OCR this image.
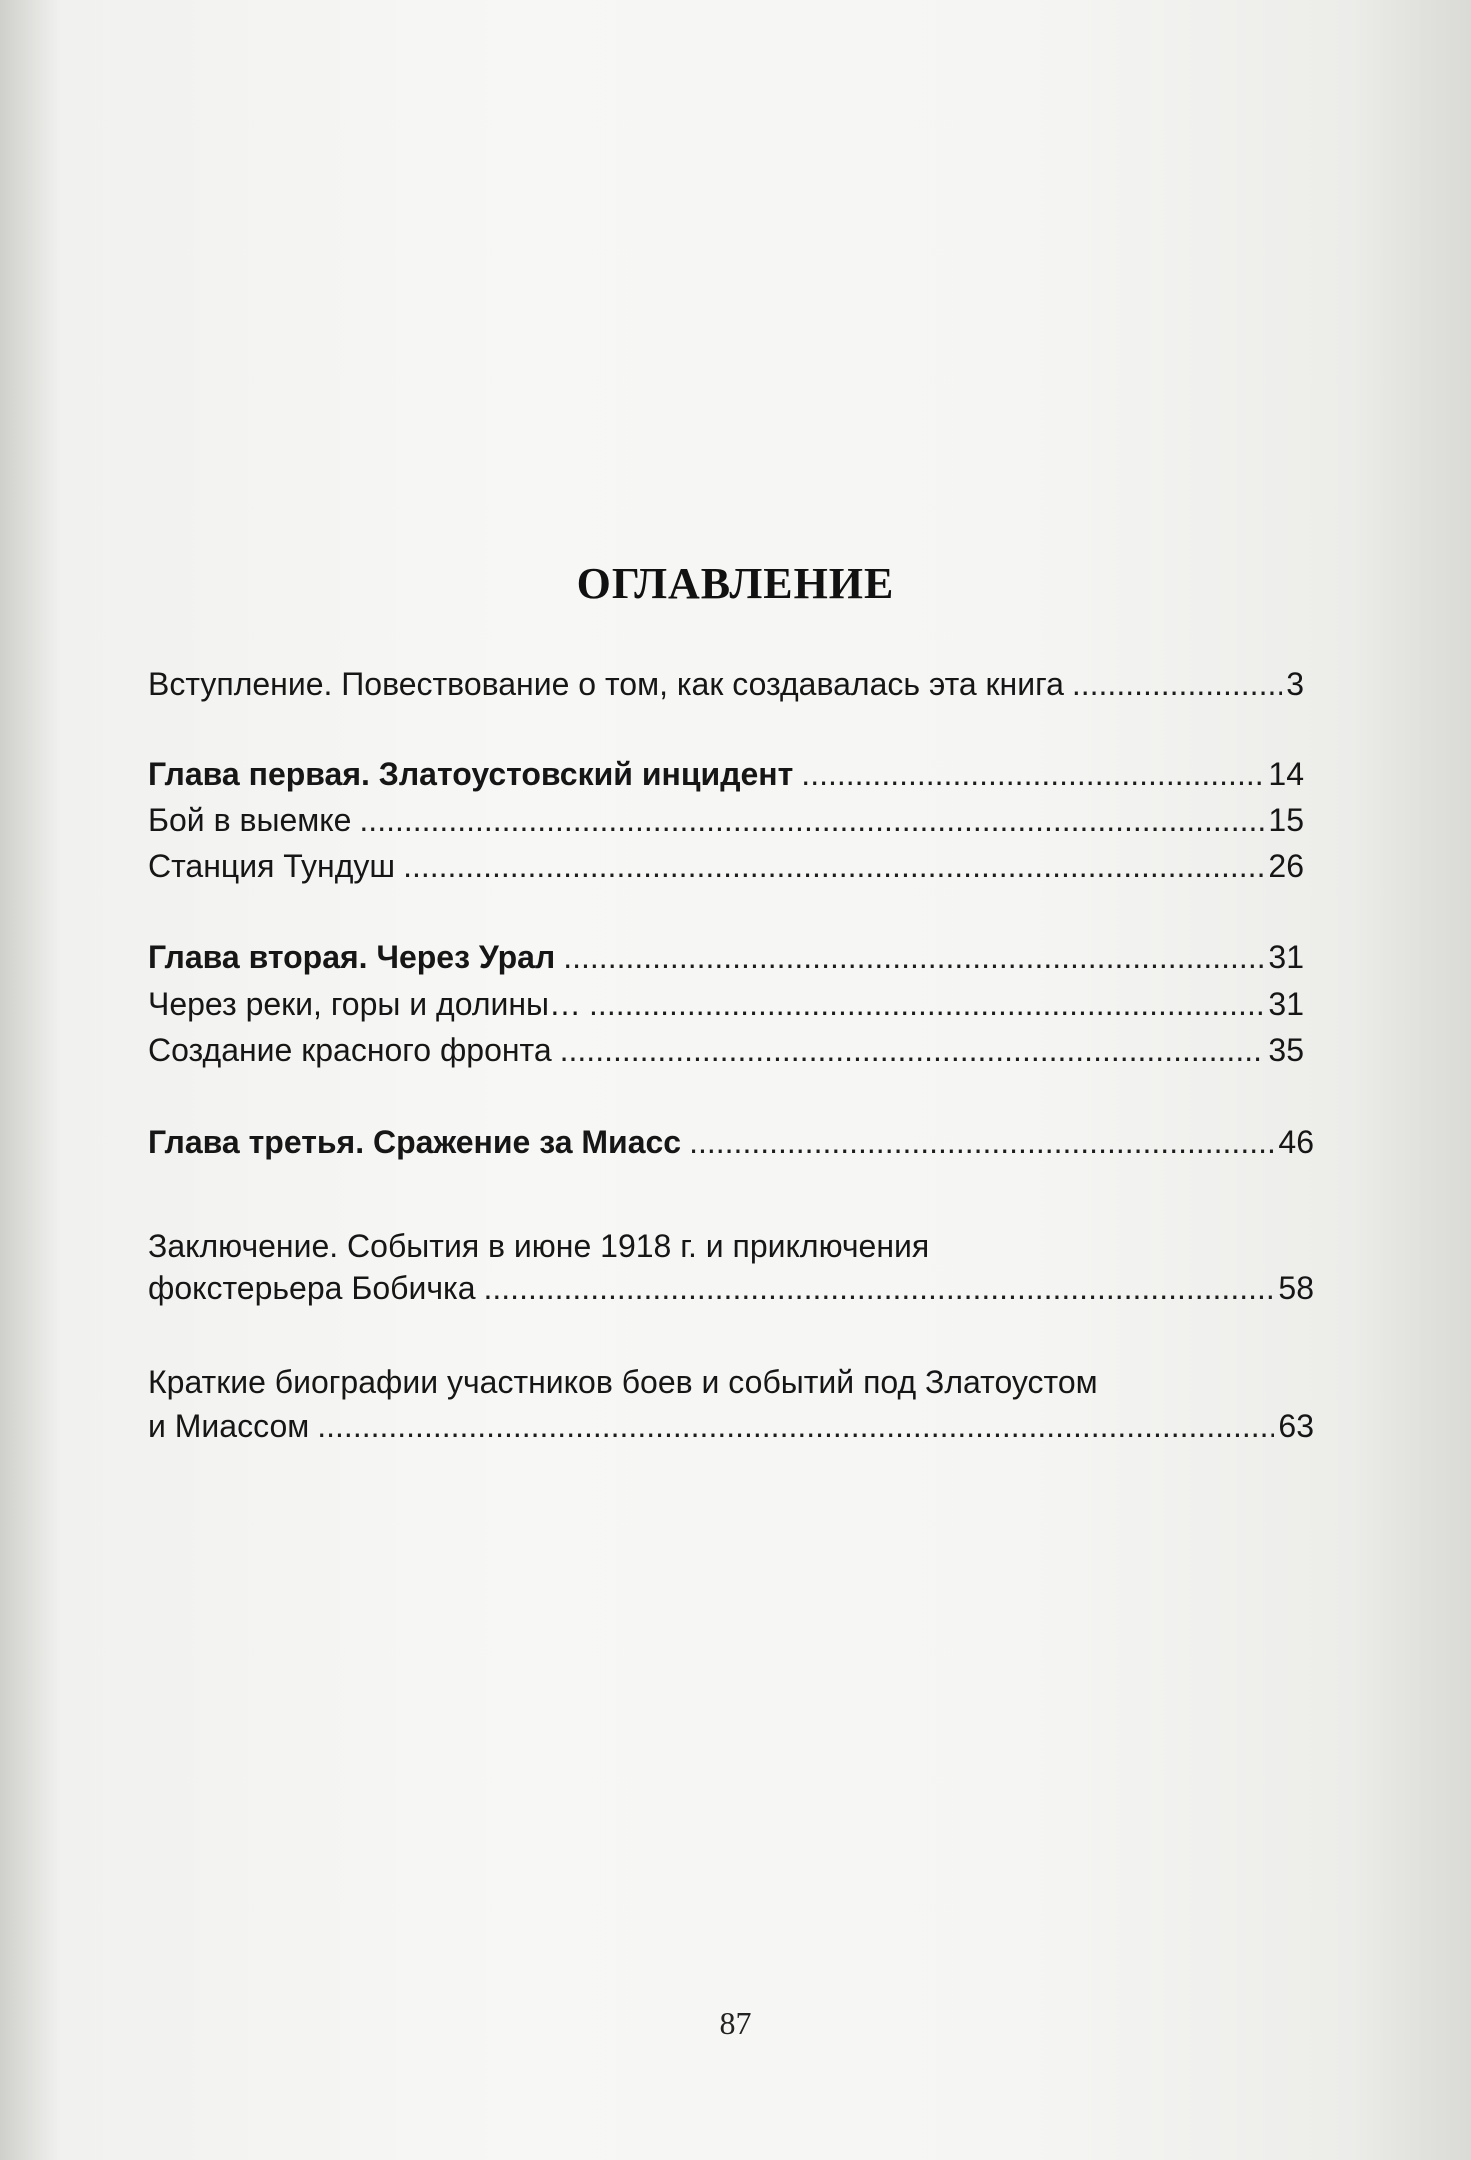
ОГЛАВЛЕНИЕ
Вступление. Повествование о том, как создавалась эта книга .....	3
Глава первая. Златоустовский инцидент .....	14
Бой в выемке .....	15
Станция Тундуш .....	26
Глава вторая. Через Урал .....	31
Через реки, горы и долины… .....	31
Создание красного фронта .....	35
Глава третья. Сражение за Миасс .....	46
Заключение. События в июне 1918 г. и приключения
фокстерьера Бобичка .....	58
Краткие биографии участников боев и событий под Златоустом
и Миассом .....	63
87
